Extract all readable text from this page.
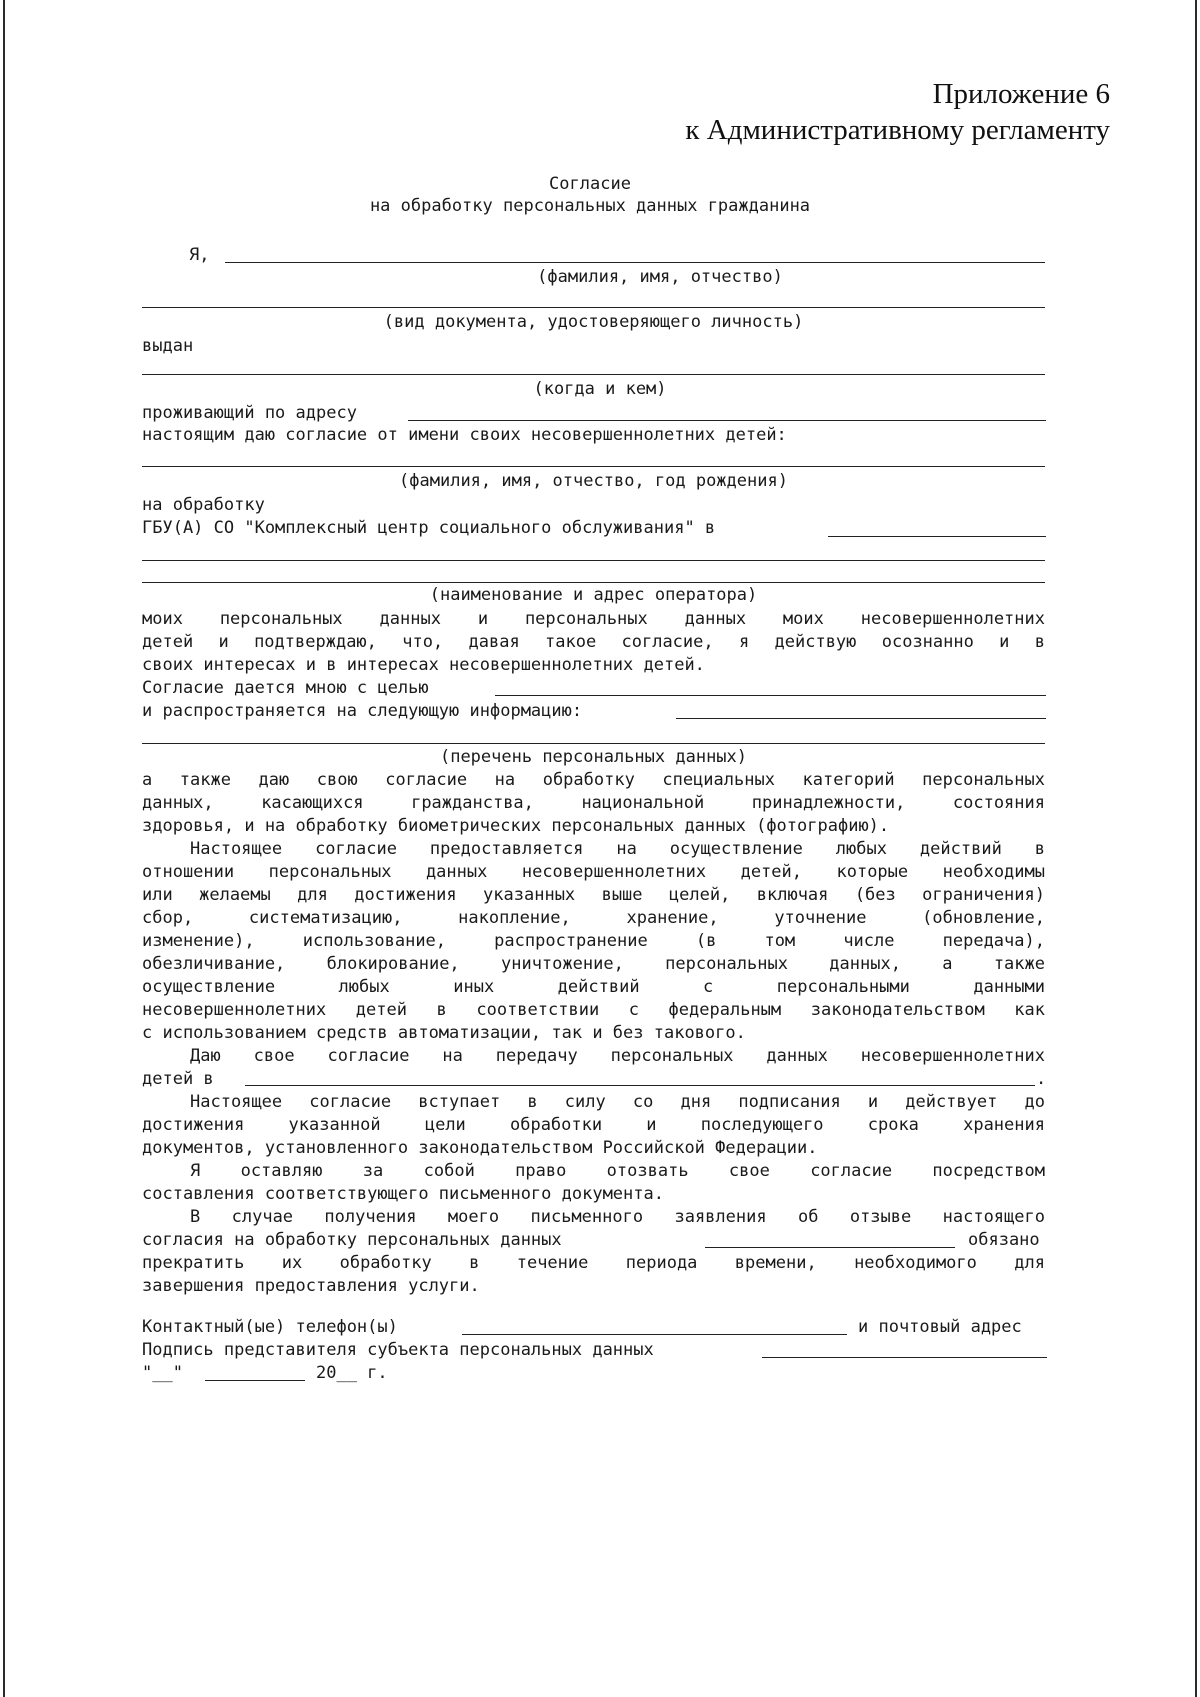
Приложение 6
к Административному регламенту
Согласие
на обработку персональных данных гражданина
Я,
(фамилия, имя, отчество)
(вид документа, удостоверяющего личность)
выдан
(когда и кем)
проживающий по адресу
настоящим даю согласие от имени своих несовершеннолетних детей:
(фамилия, имя, отчество, год рождения)
на обработку
ГБУ(А) СО "Комплексный центр социального обслуживания" в
(наименование и адрес оператора)
моих персональных данных и персональных данных моих несовершеннолетних
детей и подтверждаю, что, давая такое согласие, я действую осознанно и в
своих интересах и в интересах несовершеннолетних детей.
Согласие дается мною с целью
и распространяется на следующую информацию:
(перечень персональных данных)
а также даю свою согласие на обработку специальных категорий персональных
данных, касающихся гражданства, национальной принадлежности, состояния
здоровья, и на обработку биометрических персональных данных (фотографию).
Настоящее согласие предоставляется на осуществление любых действий в
отношении персональных данных несовершеннолетних детей, которые необходимы
или желаемы для достижения указанных выше целей, включая (без ограничения)
сбор, систематизацию, накопление, хранение, уточнение (обновление,
изменение), использование, распространение (в том числе передача),
обезличивание, блокирование, уничтожение, персональных данных, а также
осуществление любых иных действий с персональными данными
несовершеннолетних детей в соответствии с федеральным законодательством как
с использованием средств автоматизации, так и без такового.
Даю свое согласие на передачу персональных данных несовершеннолетних
детей в	.
Настоящее согласие вступает в силу со дня подписания и действует до
достижения указанной цели обработки и последующего срока хранения
документов, установленного законодательством Российской Федерации.
Я оставляю за собой право отозвать свое согласие посредством
составления соответствующего письменного документа.
В случае получения моего письменного заявления об отзыве настоящего
согласия на обработку персональных данных	обязано
прекратить их обработку в течение периода времени, необходимого для
завершения предоставления услуги.
Контактный(ые) телефон(ы)	и почтовый адрес
Подпись представителя субъекта персональных данных
"__"	20__ г.
